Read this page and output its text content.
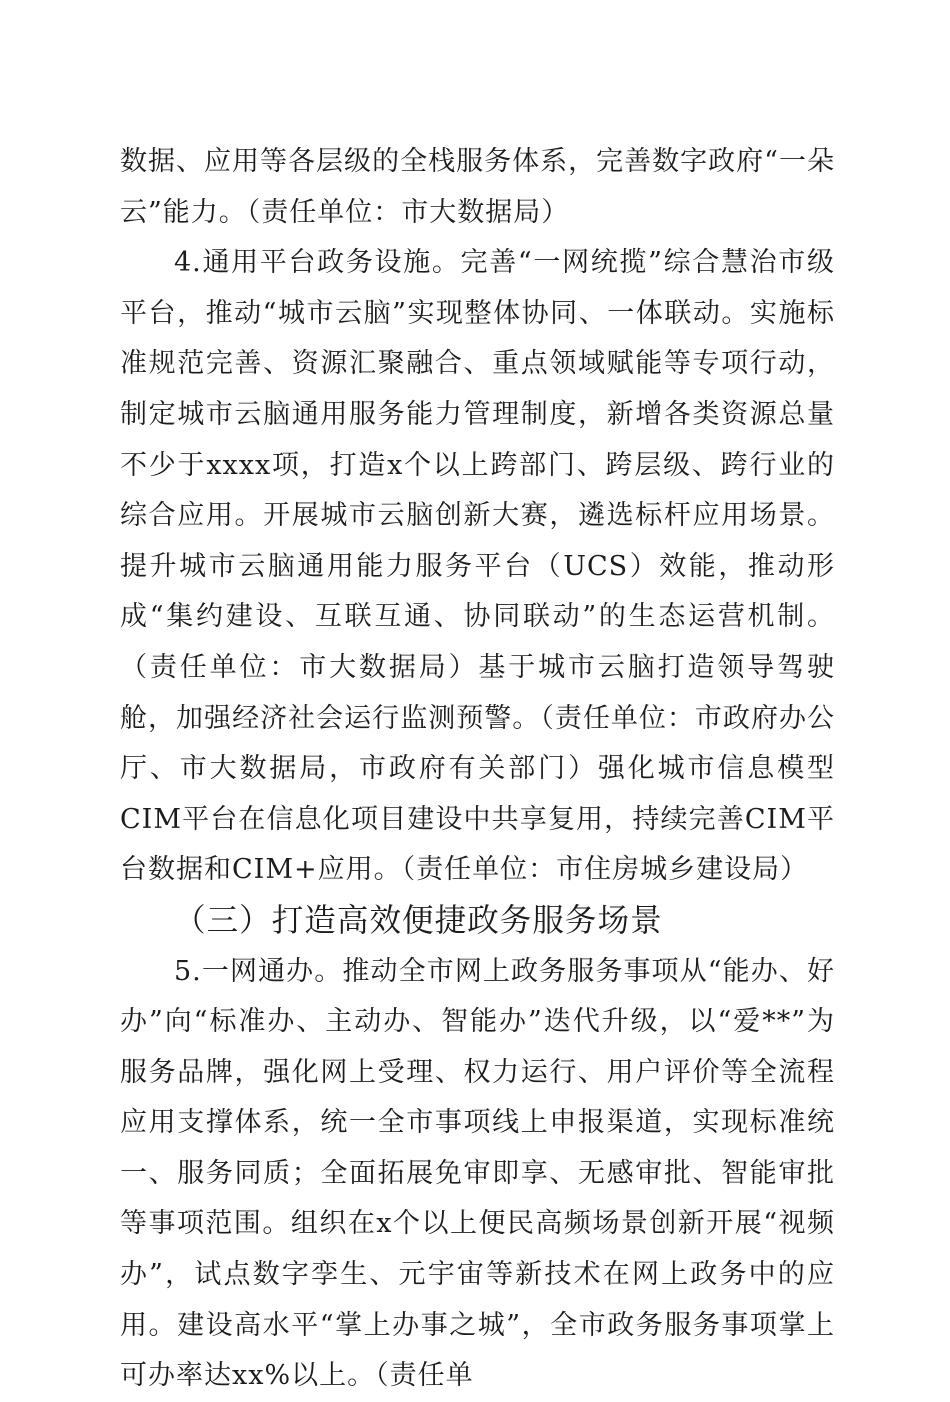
数据、应用等各层级的全栈服务体系，完善数字政府“一朵云”能力。（责任单位：市大数据局）

4.通用平台政务设施。完善“一网统揽”综合慧治市级平台，推动“城市云脑”实现整体协同、一体联动。实施标准规范完善、资源汇聚融合、重点领域赋能等专项行动，制定城市云脑通用服务能力管理制度，新增各类资源总量不少于xxxx项，打造x个以上跨部门、跨层级、跨行业的综合应用。开展城市云脑创新大赛，遴选标杆应用场景。提升城市云脑通用能力服务平台（UCS）效能，推动形成“集约建设、互联互通、协同联动”的生态运营机制。（责任单位：市大数据局）基于城市云脑打造领导驾驶舱，加强经济社会运行监测预警。（责任单位：市政府办公厅、市大数据局，市政府有关部门）强化城市信息模型CIM平台在信息化项目建设中共享复用，持续完善CIM平台数据和CIM+应用。（责任单位：市住房城乡建设局）

（三）打造高效便捷政务服务场景

5.一网通办。推动全市网上政务服务事项从“能办、好办”向“标准办、主动办、智能办”迭代升级，以“爱**”为服务品牌，强化网上受理、权力运行、用户评价等全流程应用支撑体系，统一全市事项线上申报渠道，实现标准统一、服务同质；全面拓展免审即享、无感审批、智能审批等事项范围。组织在x个以上便民高频场景创新开展“视频办”，试点数字孪生、元宇宙等新技术在网上政务中的应用。建设高水平“掌上办事之城”，全市政务服务事项掌上可办率达xx%以上。（责任单
